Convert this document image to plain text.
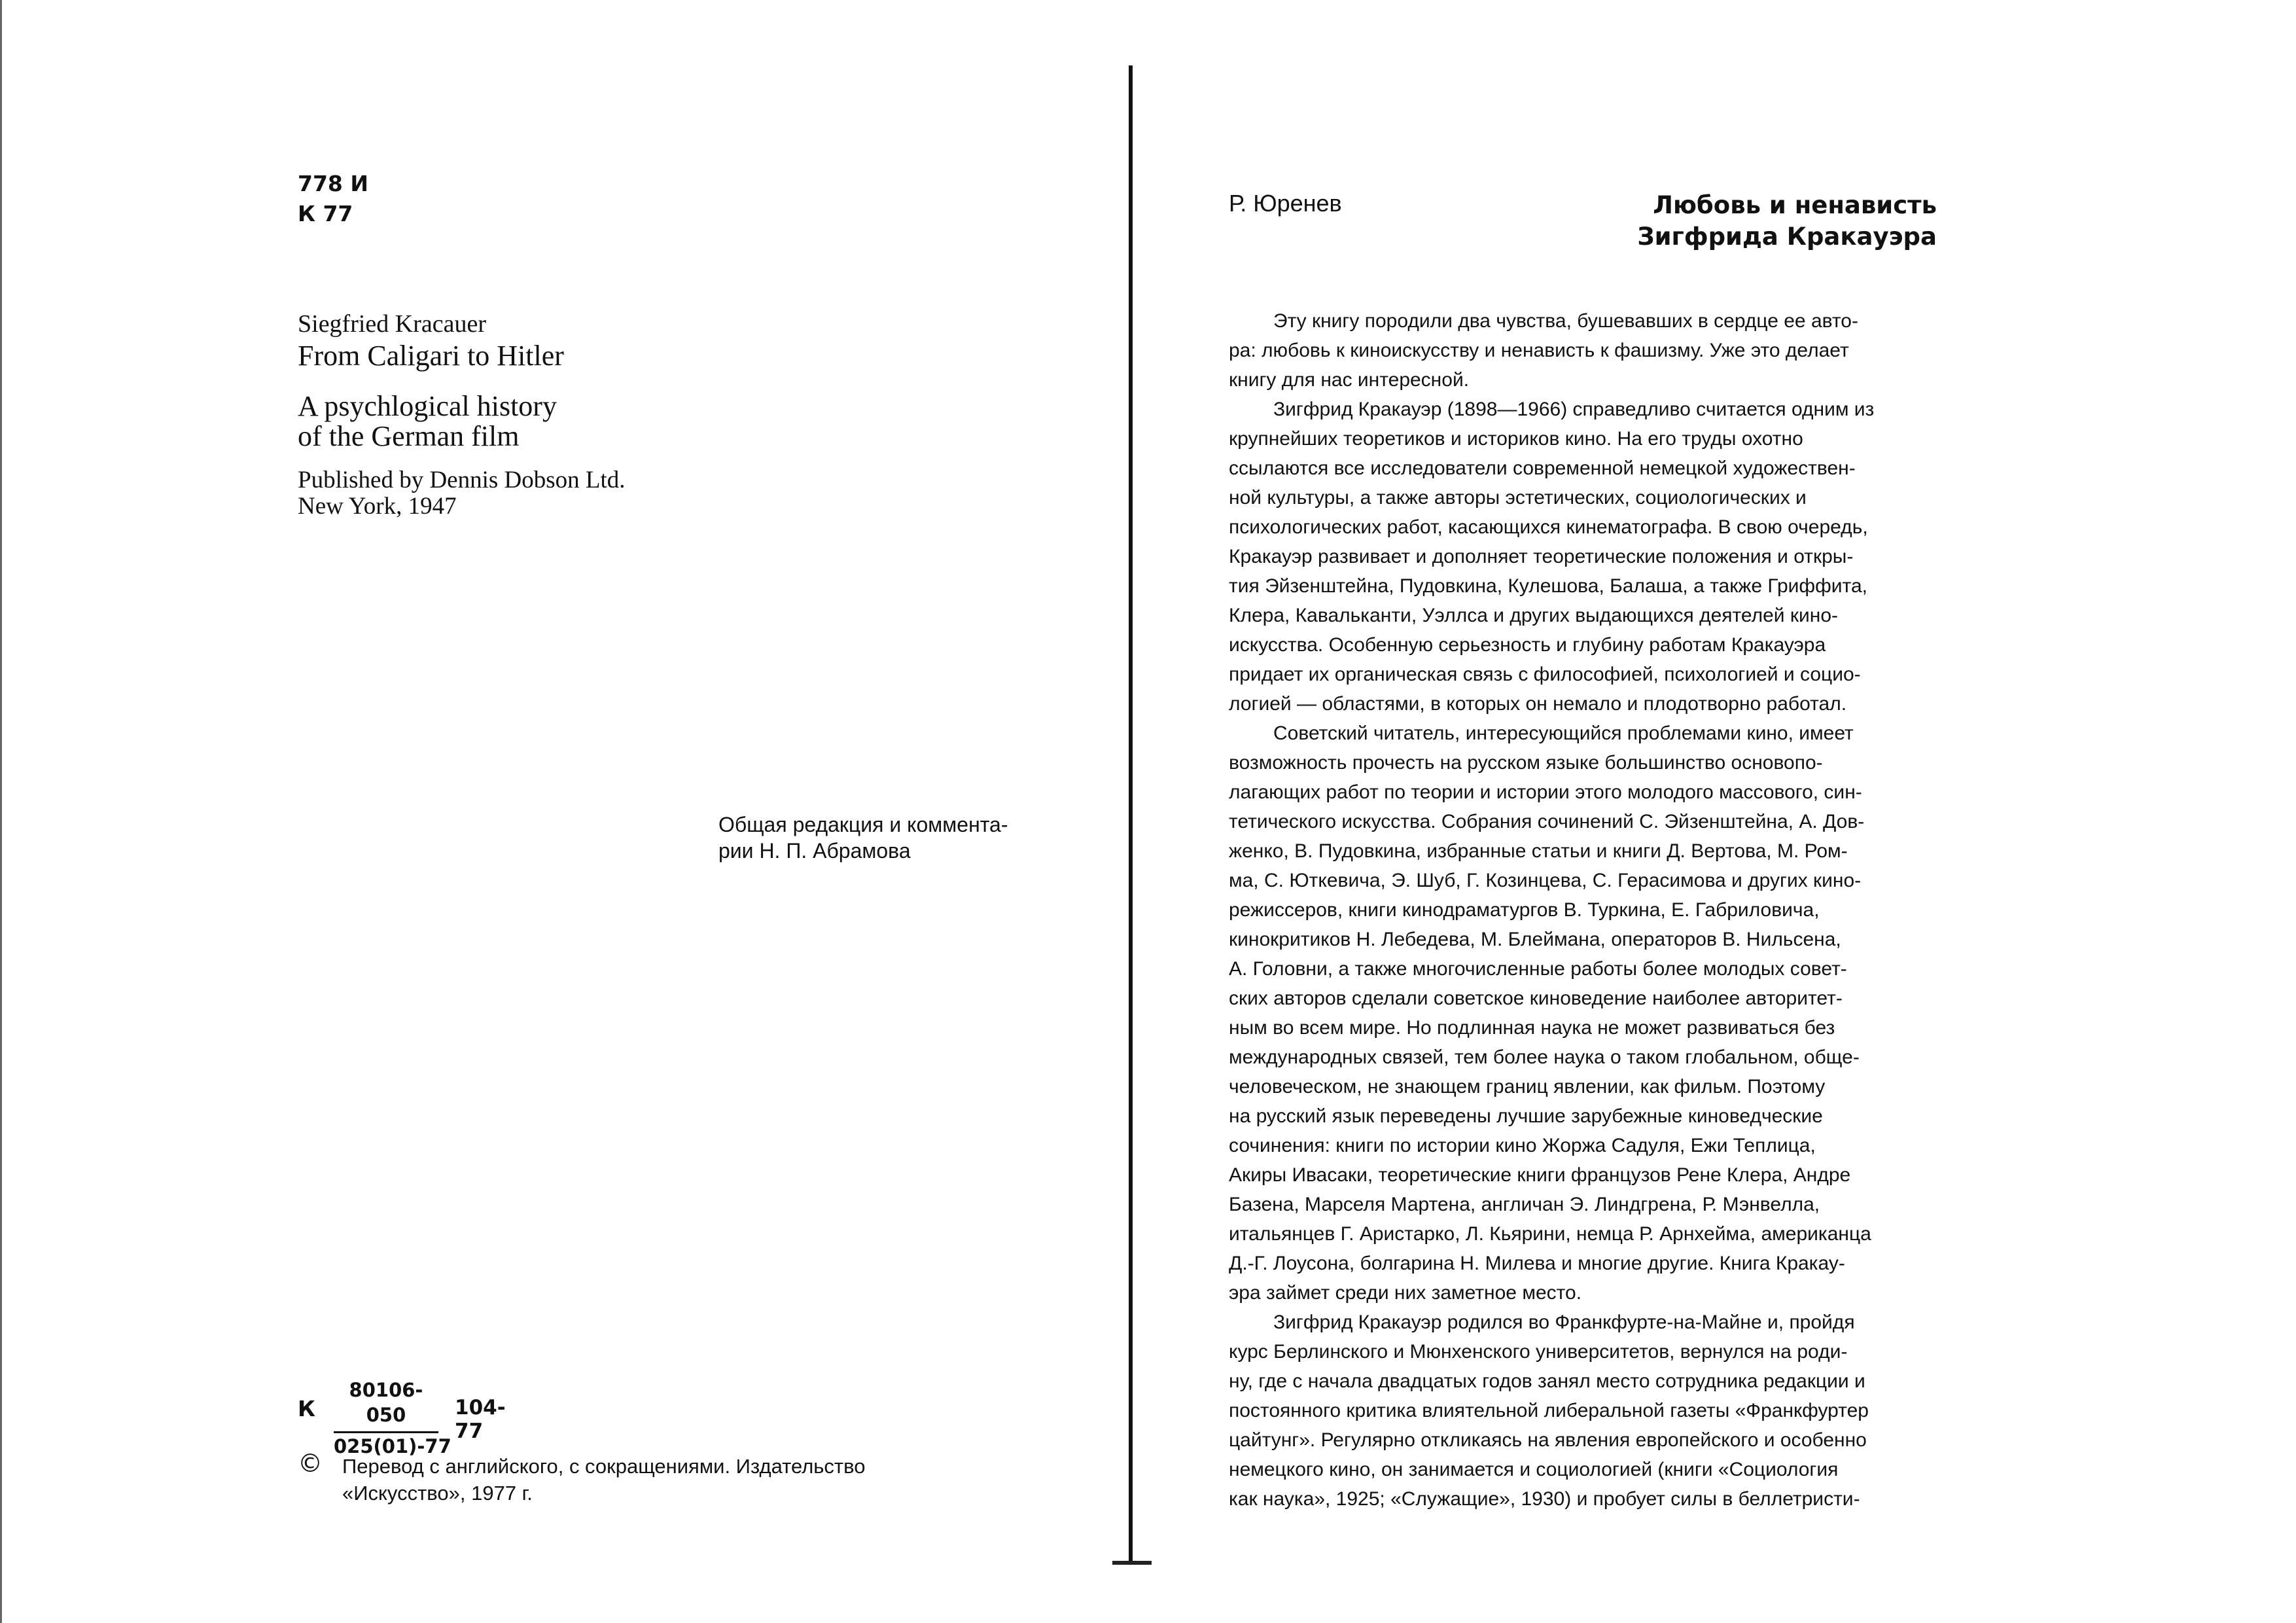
778 И
К 77
Siegfried Kracauer
From Caligari to Hitler
A psychlogical history
of the German film
Published by Dennis Dobson Ltd.
New York, 1947
Общая редакция и коммента-
рии Н. П. Абрамова
К $\frac{80106-050}{025(01)-77} 104-77$
© Перевод с английского, с сокращениями. Издательство
«Искусство», 1977 г.
Р. Юренев	Любовь и ненависть
Зигфрида Кракауэра
Эту книгу породили два чувства, бушевавших в сердце ее авто-
ра: любовь к киноискусству и ненависть к фашизму. Уже это делает
книгу для нас интересной.
Зигфрид Кракауэр (1898—1966) справедливо считается одним из
крупнейших теоретиков и историков кино. На его труды охотно
ссылаются все исследователи современной немецкой художествен-
ной культуры, а также авторы эстетических, социологических и
психологических работ, касающихся кинематографа. В свою очередь,
Кракауэр развивает и дополняет теоретические положения и откры-
тия Эйзенштейна, Пудовкина, Кулешова, Балаша, а также Гриффита,
Клера, Кавальканти, Уэллса и других выдающихся деятелей кино-
искусства. Особенную серьезность и глубину работам Кракауэра
придает их органическая связь с философией, психологией и социо-
логией — областями, в которых он немало и плодотворно работал.
Советский читатель, интересующийся проблемами кино, имеет
возможность прочесть на русском языке большинство основопо-
лагающих работ по теории и истории этого молодого массового, син-
тетического искусства. Собрания сочинений С. Эйзенштейна, А. Дов-
женко, В. Пудовкина, избранные статьи и книги Д. Вертова, М. Ром-
ма, С. Юткевича, Э. Шуб, Г. Козинцева, С. Герасимова и других кино-
режиссеров, книги кинодраматургов В. Туркина, Е. Габриловича,
кинокритиков Н. Лебедева, М. Блеймана, операторов В. Нильсена,
А. Головни, а также многочисленные работы более молодых совет-
ских авторов сделали советское киноведение наиболее авторитет-
ным во всем мире. Но подлинная наука не может развиваться без
международных связей, тем более наука о таком глобальном, обще-
человеческом, не знающем границ явлении, как фильм. Поэтому
на русский язык переведены лучшие зарубежные киноведческие
сочинения: книги по истории кино Жоржа Садуля, Ежи Теплица,
Акиры Ивасаки, теоретические книги французов Рене Клера, Андре
Базена, Марселя Мартена, англичан Э. Линдгрена, Р. Мэнвелла,
итальянцев Г. Аристарко, Л. Кьярини, немца Р. Арнхейма, американца
Д.-Г. Лоусона, болгарина Н. Милева и многие другие. Книга Кракау-
эра займет среди них заметное место.
Зигфрид Кракауэр родился во Франкфурте-на-Майне и, пройдя
курс Берлинского и Мюнхенского университетов, вернулся на роди-
ну, где с начала двадцатых годов занял место сотрудника редакции и
постоянного критика влиятельной либеральной газеты «Франкфуртер
цайтунг». Регулярно откликаясь на явления европейского и особенно
немецкого кино, он занимается и социологией (книги «Социология
как наука», 1925; «Служащие», 1930) и пробует силы в беллетристи-
